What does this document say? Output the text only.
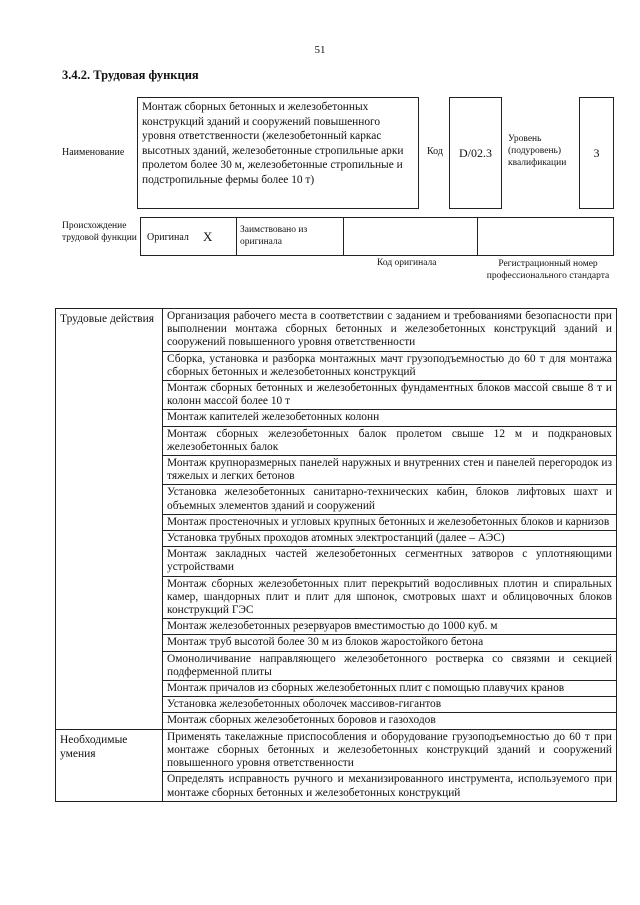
51
3.4.2. Трудовая функция
Наименование
Монтаж сборных бетонных и железобетонных конструкций зданий и сооружений повышенного уровня ответственности (железобетонный каркас высотных зданий, железобетонные стропильные арки пролетом более 30 м, железобетонные стропильные и подстропильные фермы более 10 т)
Код	D/02.3
Уровень (подуровень) квалификации
3
Происхождение трудовой функции Оригинал X	Заимствовано из оригинала
Код оригинала	Регистрационный номер профессионального стандарта
Трудовые действия	Организация рабочего места в соответствии с заданием и требованиями безопасности при выполнении монтажа сборных бетонных и железобетонных конструкций зданий и сооружений повышенного уровня ответственности
	Сборка, установка и разборка монтажных мачт грузоподъемностью до 60 т для монтажа сборных бетонных и железобетонных конструкций
	Монтаж сборных бетонных и железобетонных фундаментных блоков массой свыше 8 т и колонн массой более 10 т
	Монтаж капителей железобетонных колонн
	Монтаж сборных железобетонных балок пролетом свыше 12 м и подкрановых железобетонных балок
	Монтаж крупноразмерных панелей наружных и внутренних стен и панелей перегородок из тяжелых и легких бетонов
	Установка железобетонных санитарно-технических кабин, блоков лифтовых шахт и объемных элементов зданий и сооружений
	Монтаж простеночных и угловых крупных бетонных и железобетонных блоков и карнизов
	Установка трубных проходов атомных электростанций (далее – АЭС)
	Монтаж закладных частей железобетонных сегментных затворов с уплотняющими устройствами
	Монтаж сборных железобетонных плит перекрытий водосливных плотин и спиральных камер, шандорных плит и плит для шпонок, смотровых шахт и облицовочных блоков конструкций ГЭС
	Монтаж железобетонных резервуаров вместимостью до 1000 куб. м
	Монтаж труб высотой более 30 м из блоков жаростойкого бетона
	Омоноличивание направляющего железобетонного ростверка со связями и секцией подферменной плиты
	Монтаж причалов из сборных железобетонных плит с помощью плавучих кранов
	Установка железобетонных оболочек массивов-гигантов
	Монтаж сборных железобетонных боровов и газоходов
Необходимые умения	Применять такелажные приспособления и оборудование грузоподъемностью до 60 т при монтаже сборных бетонных и железобетонных конструкций зданий и сооружений повышенного уровня ответственности
	Определять исправность ручного и механизированного инструмента, используемого при монтаже сборных бетонных и железобетонных конструкций
